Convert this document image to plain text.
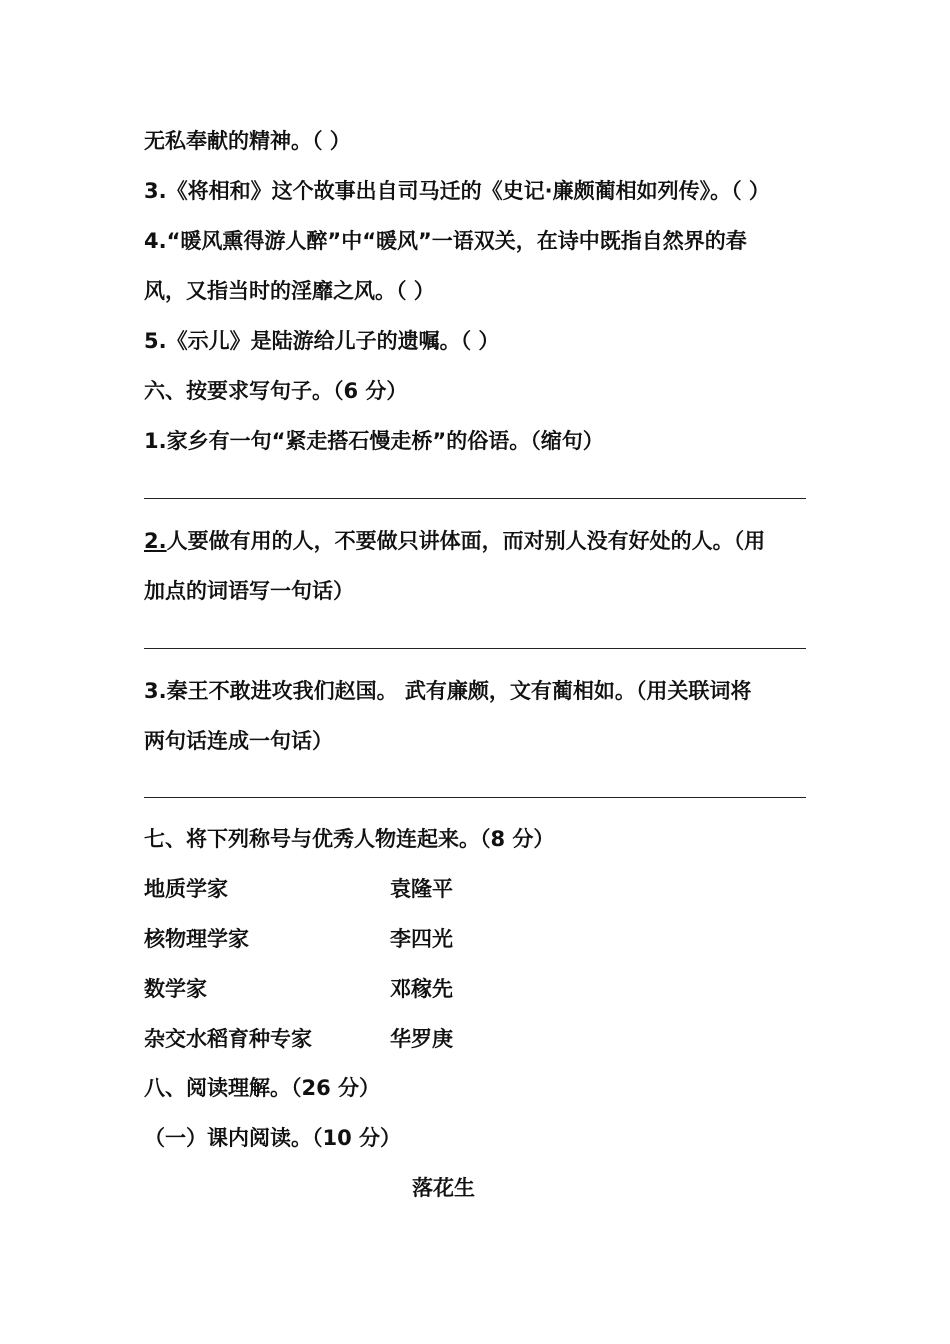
无私奉献的精神。（ ）
3.《将相和》这个故事出自司马迁的《史记·廉颇蔺相如列传》。（ ）
4.“暖风熏得游人醉”中“暖风”一语双关，在诗中既指自然界的春
风，又指当时的淫靡之风。（ ）
5.《示儿》是陆游给儿子的遗嘱。（ ）
六、按要求写句子。（6 分）
1.家乡有一句“紧走搭石慢走桥”的俗语。（缩句）
2.人要做有用的人，不要做只讲体面，而对别人没有好处的人。（用
加点的词语写一句话）
3.秦王不敢进攻我们赵国。 武有廉颇，文有蔺相如。（用关联词将
两句话连成一句话）
七、将下列称号与优秀人物连起来。（8 分）
地质学家	袁隆平
核物理学家	李四光
数学家	邓稼先
杂交水稻育种专家	华罗庚
八、阅读理解。（26 分）
（一）课内阅读。（10 分）
落花生
